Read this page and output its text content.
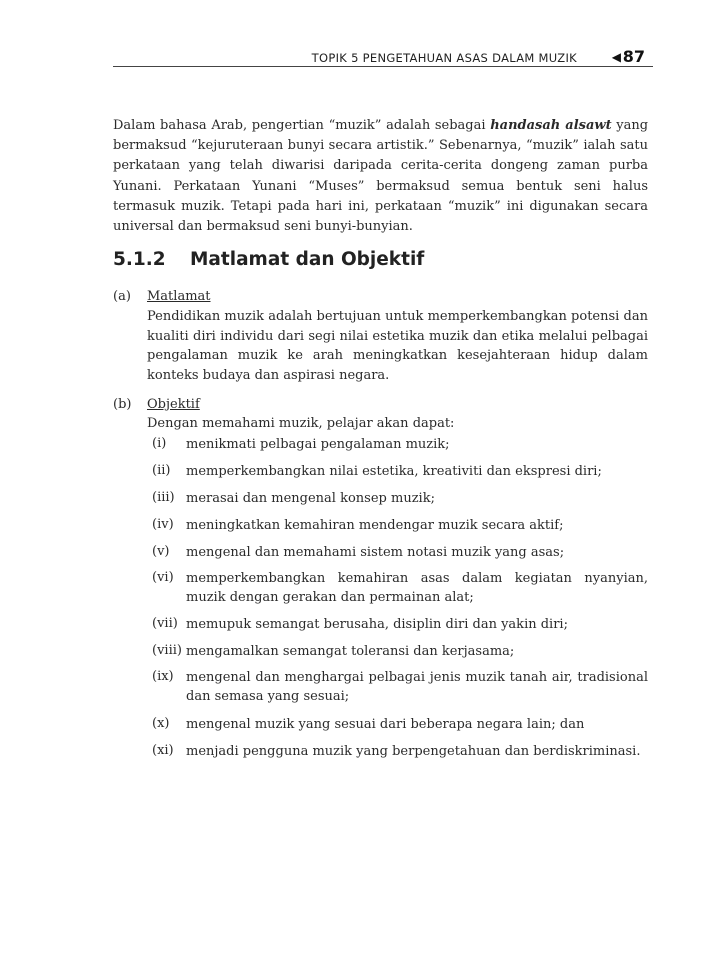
TOPIK 5 PENGETAHUAN ASAS DALAM MUZIK	◀ 87

Dalam bahasa Arab, pengertian “muzik” adalah sebagai handasah alsawt yang bermaksud “kejuruteraan bunyi secara artistik.” Sebenarnya, “muzik” ialah satu perkataan yang telah diwarisi daripada cerita-cerita dongeng zaman purba Yunani. Perkataan Yunani “Muses” bermaksud semua bentuk seni halus termasuk muzik. Tetapi pada hari ini, perkataan “muzik” ini digunakan secara universal dan bermaksud seni bunyi-bunyian.

5.1.2 Matlamat dan Objektif
(a) Matlamat

Pendidikan muzik adalah bertujuan untuk memperkembangkan potensi dan kualiti diri individu dari segi nilai estetika muzik dan etika melalui pelbagai pengalaman muzik ke arah meningkatkan kesejahteraan hidup dalam konteks budaya dan aspirasi negara.

(b) Objektif
Dengan memahami muzik, pelajar akan dapat:
(i) menikmati pelbagai pengalaman muzik;
(ii) memperkembangkan nilai estetika, kreativiti dan ekspresi diri;
(iii) merasai dan mengenal konsep muzik;
(iv) meningkatkan kemahiran mendengar muzik secara aktif;
(v) mengenal dan memahami sistem notasi muzik yang asas;
(vi) memperkembangkan kemahiran asas dalam kegiatan nyanyian, muzik dengan gerakan dan permainan alat;
(vii) memupuk semangat berusaha, disiplin diri dan yakin diri;
(viii) mengamalkan semangat toleransi dan kerjasama;
(ix) mengenal dan menghargai pelbagai jenis muzik tanah air, tradisional dan semasa yang sesuai;
(x) mengenal muzik yang sesuai dari beberapa negara lain; dan
(xi) menjadi pengguna muzik yang berpengetahuan dan berdiskriminasi.
